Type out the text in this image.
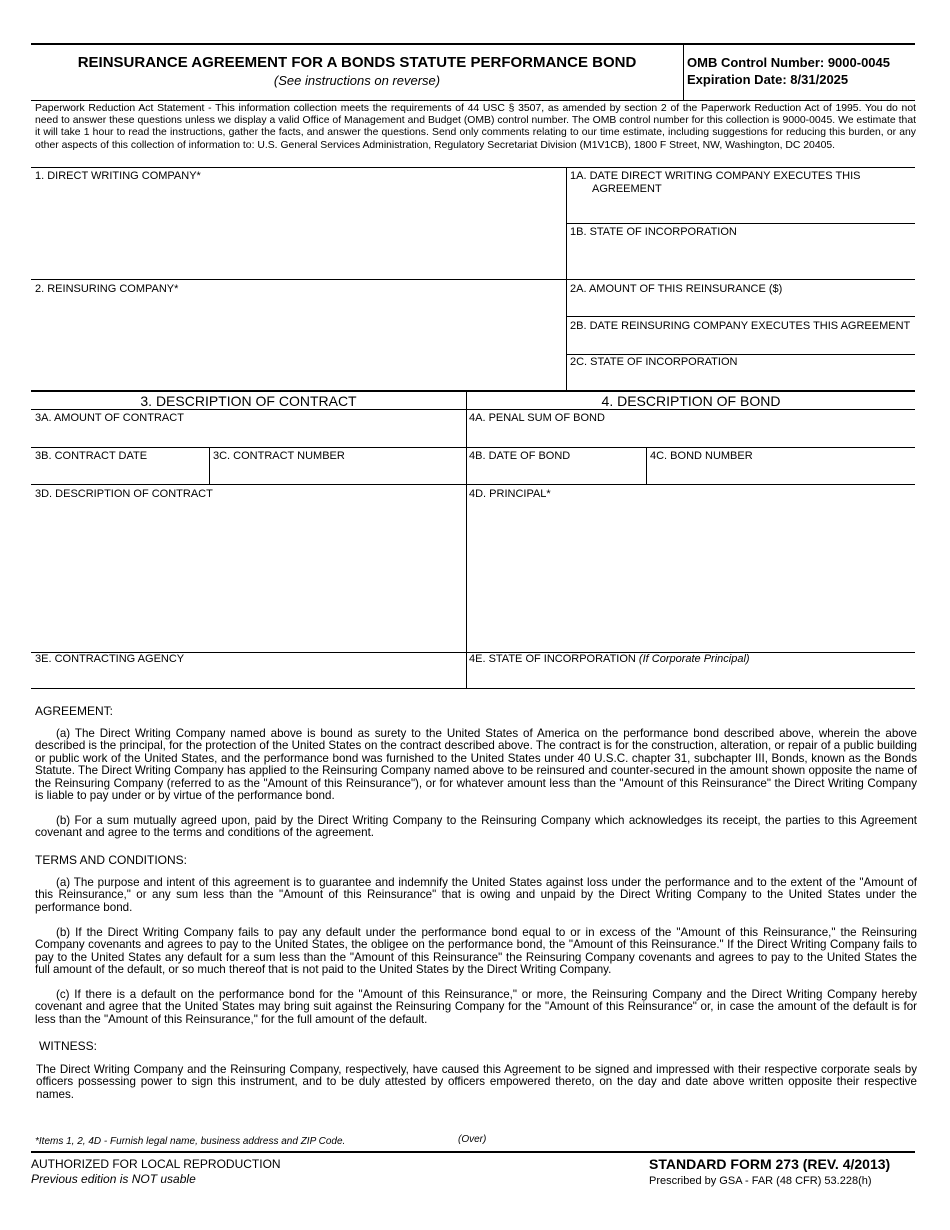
REINSURANCE AGREEMENT FOR A BONDS STATUTE PERFORMANCE BOND
(See instructions on reverse)
OMB Control Number: 9000-0045
Expiration Date: 8/31/2025
Paperwork Reduction Act Statement - This information collection meets the requirements of 44 USC § 3507, as amended by section 2 of the Paperwork Reduction Act of 1995. You do not need to answer these questions unless we display a valid Office of Management and Budget (OMB) control number. The OMB control number for this collection is 9000-0045. We estimate that it will take 1 hour to read the instructions, gather the facts, and answer the questions. Send only comments relating to our time estimate, including suggestions for reducing this burden, or any other aspects of this collection of information to: U.S. General Services Administration, Regulatory Secretariat Division (M1V1CB), 1800 F Street, NW, Washington, DC 20405.
1. DIRECT WRITING COMPANY*	1A. DATE DIRECT WRITING COMPANY EXECUTES THIS
AGREEMENT
1B. STATE OF INCORPORATION
2. REINSURING COMPANY*	2A. AMOUNT OF THIS REINSURANCE ($)
2B. DATE REINSURING COMPANY EXECUTES THIS AGREEMENT
2C. STATE OF INCORPORATION
3. DESCRIPTION OF CONTRACT	4. DESCRIPTION OF BOND
3A. AMOUNT OF CONTRACT	4A. PENAL SUM OF BOND
3B. CONTRACT DATE	3C. CONTRACT NUMBER	4B. DATE OF BOND	4C. BOND NUMBER
3D. DESCRIPTION OF CONTRACT	4D. PRINCIPAL*
3E. CONTRACTING AGENCY	4E. STATE OF INCORPORATION (If Corporate Principal)
AGREEMENT:
(a) The Direct Writing Company named above is bound as surety to the United States of America on the performance bond described above, wherein the above described is the principal, for the protection of the United States on the contract described above. The contract is for the construction, alteration, or repair of a public building or public work of the United States, and the performance bond was furnished to the United States under 40 U.S.C. chapter 31, subchapter III, Bonds, known as the Bonds Statute. The Direct Writing Company has applied to the Reinsuring Company named above to be reinsured and counter-secured in the amount shown opposite the name of the Reinsuring Company (referred to as the "Amount of this Reinsurance"), or for whatever amount less than the "Amount of this Reinsurance" the Direct Writing Company is liable to pay under or by virtue of the performance bond.
(b) For a sum mutually agreed upon, paid by the Direct Writing Company to the Reinsuring Company which acknowledges its receipt, the parties to this Agreement covenant and agree to the terms and conditions of the agreement.
TERMS AND CONDITIONS:
(a) The purpose and intent of this agreement is to guarantee and indemnify the United States against loss under the performance and to the extent of the "Amount of this Reinsurance," or any sum less than the "Amount of this Reinsurance" that is owing and unpaid by the Direct Writing Company to the United States under the performance bond.
(b) If the Direct Writing Company fails to pay any default under the performance bond equal to or in excess of the "Amount of this Reinsurance," the Reinsuring Company covenants and agrees to pay to the United States, the obligee on the performance bond, the "Amount of this Reinsurance." If the Direct Writing Company fails to pay to the United States any default for a sum less than the "Amount of this Reinsurance" the Reinsuring Company covenants and agrees to pay to the United States the full amount of the default, or so much thereof that is not paid to the United States by the Direct Writing Company.
(c) If there is a default on the performance bond for the "Amount of this Reinsurance," or more, the Reinsuring Company and the Direct Writing Company hereby covenant and agree that the United States may bring suit against the Reinsuring Company for the "Amount of this Reinsurance" or, in case the amount of the default is for less than the "Amount of this Reinsurance," for the full amount of the default.
WITNESS:
The Direct Writing Company and the Reinsuring Company, respectively, have caused this Agreement to be signed and impressed with their respective corporate seals by officers possessing power to sign this instrument, and to be duly attested by officers empowered thereto, on the day and date above written opposite their respective names.
*Items 1, 2, 4D - Furnish legal name, business address and ZIP Code.	(Over)
AUTHORIZED FOR LOCAL REPRODUCTION
Previous edition is NOT usable
STANDARD FORM 273 (REV. 4/2013)
Prescribed by GSA - FAR (48 CFR) 53.228(h)
